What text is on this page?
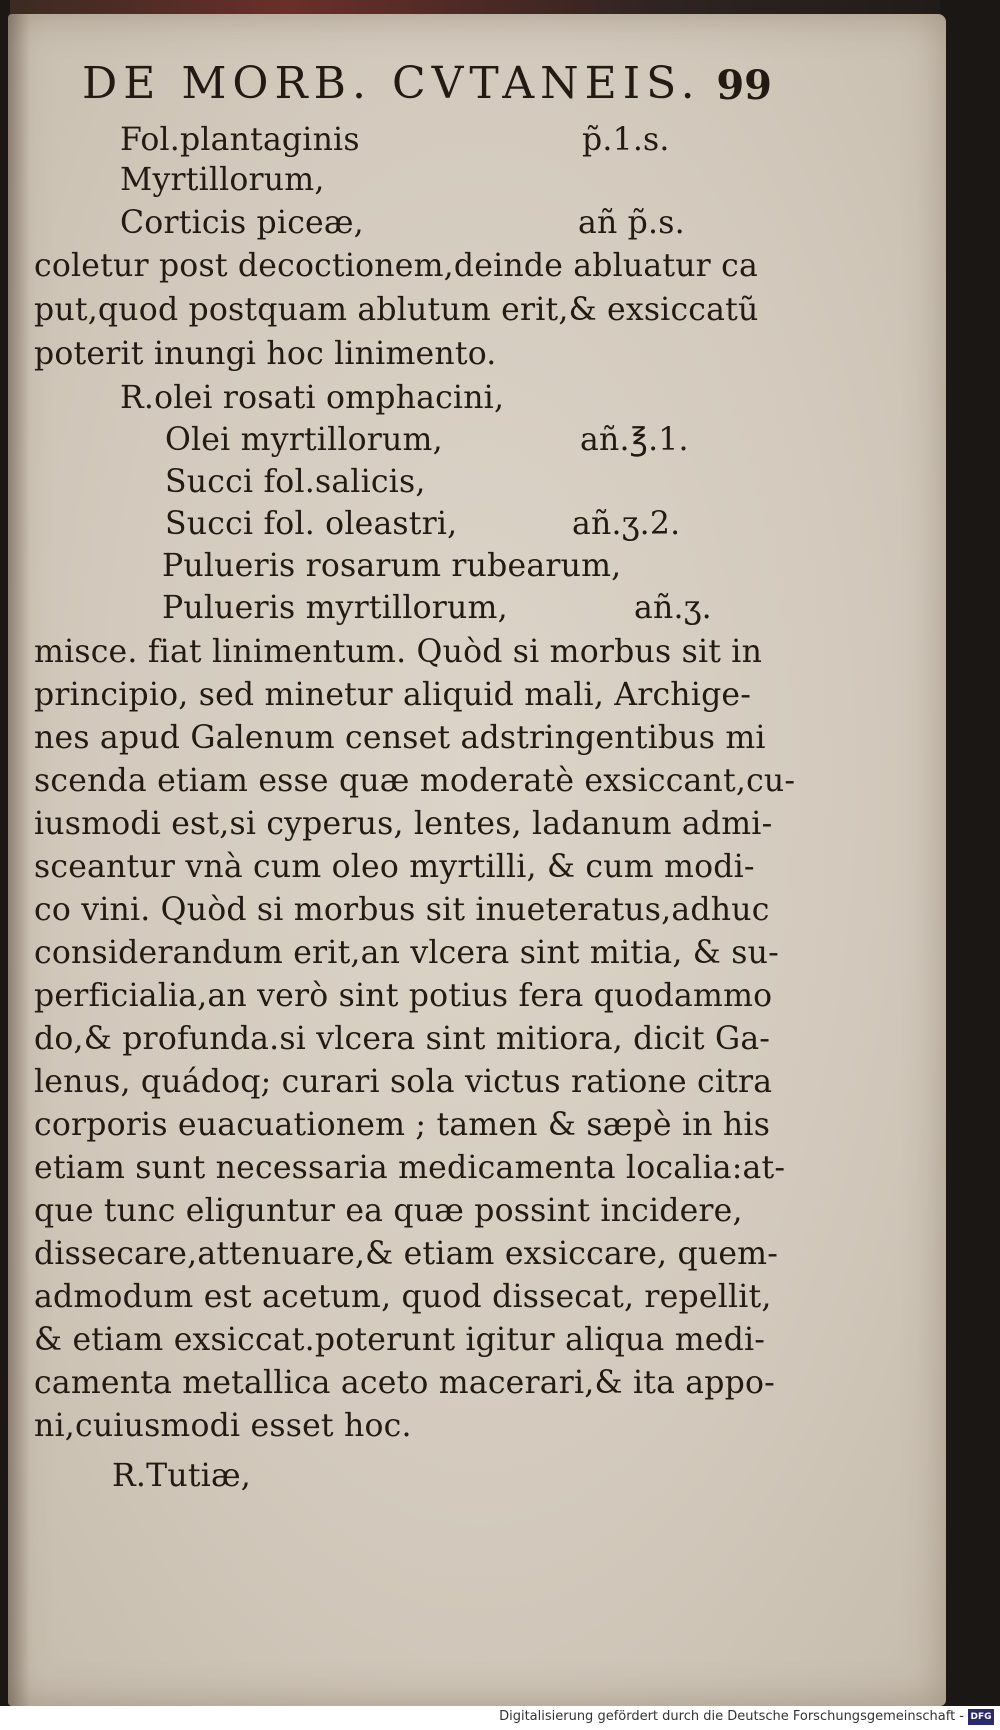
DE MORB. CVTANEIS. 99
Fol.plantaginis	p̃.1.s.
Myrtillorum,
Corticis piceæ,	añ p̃.s.
coletur post decoctionem,deinde abluatur ca
put,quod postquam ablutum erit,& exsiccatũ
poterit inungi hoc linimento.
R.olei rosati omphacini,
Olei myrtillorum,	añ.℥.1.
Succi fol.salicis,
Succi fol. oleastri,	añ.ʒ.2.
Pulueris rosarum rubearum,
Pulueris myrtillorum,	añ.ʒ.
misce. fiat linimentum. Quòd si morbus sit in
principio, sed minetur aliquid mali, Archige-
nes apud Galenum censet adstringentibus mi
scenda etiam esse quæ moderatè exsiccant,cu-
iusmodi est,si cyperus, lentes, ladanum admi-
sceantur vnà cum oleo myrtilli, & cum modi-
co vini. Quòd si morbus sit inueteratus,adhuc
considerandum erit,an vlcera sint mitia, & su-
perficialia,an verò sint potius fera quodammo
do,& profunda.si vlcera sint mitiora, dicit Ga-
lenus, quádoq; curari sola victus ratione citra
corporis euacuationem ; tamen & sæpè in his
etiam sunt necessaria medicamenta localia:at-
que tunc eliguntur ea quæ possint incidere,
dissecare,attenuare,& etiam exsiccare, quem-
admodum est acetum, quod dissecat, repellit,
& etiam exsiccat.poterunt igitur aliqua medi-
camenta metallica aceto macerari,& ita appo-
ni,cuiusmodi esset hoc.
R.Tutiæ,
Digitalisierung gefördert durch die Deutsche Forschungsgemeinschaft - DFG
